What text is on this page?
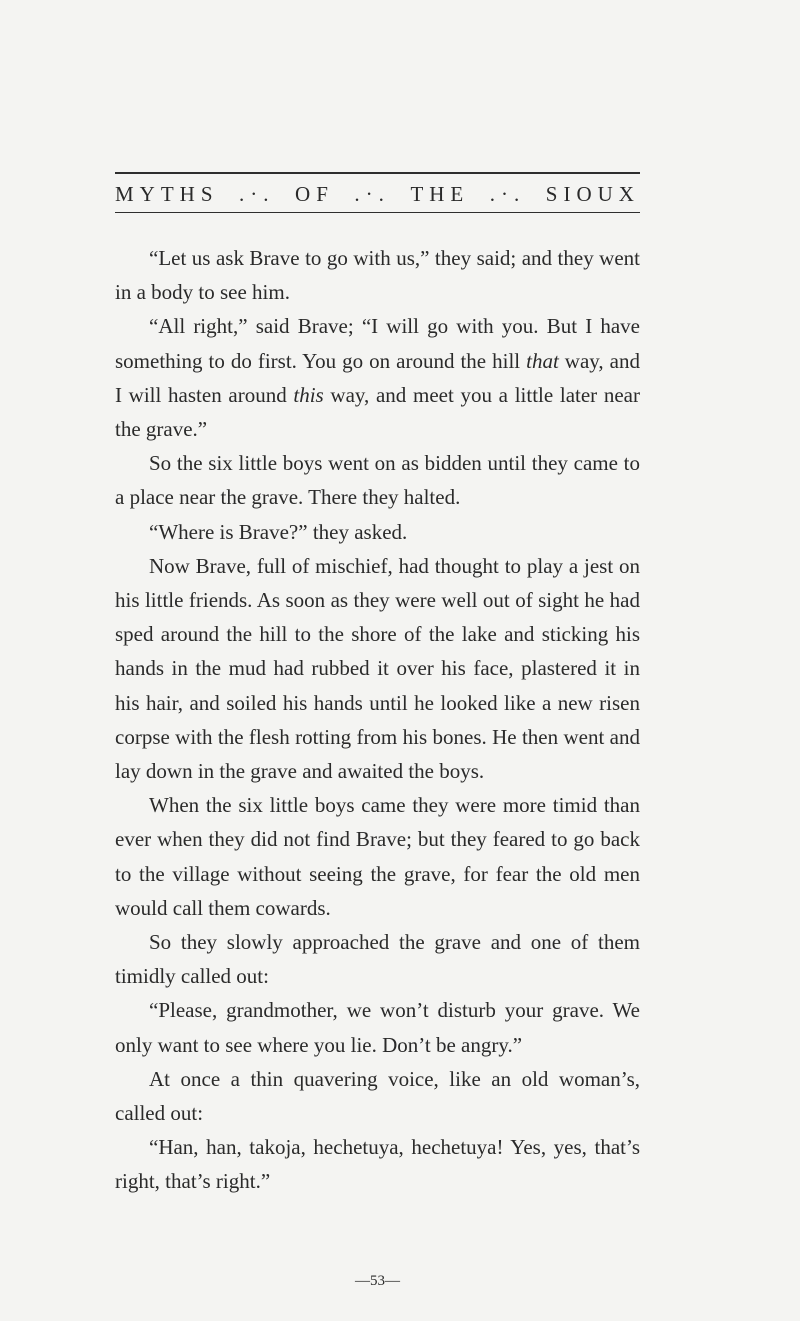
MYTHS .·. OF .·. THE .·. SIOUX

“Let us ask Brave to go with us,” they said; and they went in a body to see him.

“All right,” said Brave; “I will go with you. But I have something to do first. You go on around the hill that way, and I will hasten around this way, and meet you a little later near the grave.”

So the six little boys went on as bidden until they came to a place near the grave. There they halted.

“Where is Brave?” they asked.

Now Brave, full of mischief, had thought to play a jest on his little friends. As soon as they were well out of sight he had sped around the hill to the shore of the lake and sticking his hands in the mud had rubbed it over his face, plastered it in his hair, and soiled his hands until he looked like a new risen corpse with the flesh rotting from his bones. He then went and lay down in the grave and awaited the boys.

When the six little boys came they were more timid than ever when they did not find Brave; but they feared to go back to the village without seeing the grave, for fear the old men would call them cowards.

So they slowly approached the grave and one of them timidly called out:

“Please, grandmother, we won’t disturb your grave. We only want to see where you lie. Don’t be angry.”

At once a thin quavering voice, like an old woman’s, called out:

“Han, han, takoja, hechetuya, hechetuya! Yes, yes, that’s right, that’s right.”

—53—
